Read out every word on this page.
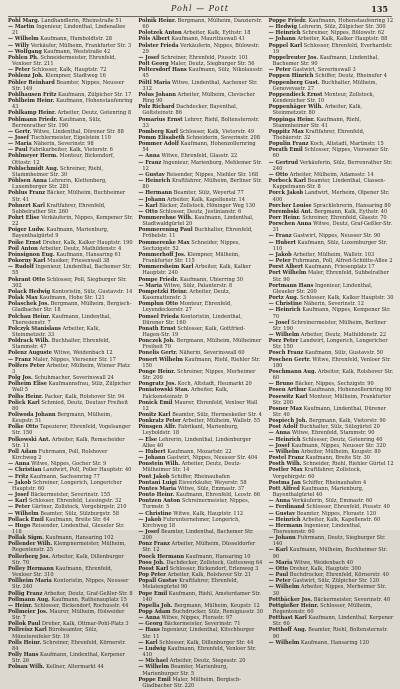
Pohl — Pott	135

Pohl Marg. Landhandlerin, Rheinstraße 51

— Martin Ingenieur, Lindenthal, Lindenallee 21

— Wilhelm Kaufmann, Humboldtstr. 28

— Willy Verkäufer, Mülheim, Frankfurter Str. 3

— Wolfgang Kaufmann, Weststraße 42

Pohlen Ph. Schneidermeister, Ehrenfeld, Venloer Str. 211

— Peter Schlosser, Kalk, Hauptstr. 72

Pohlenz Joh. Klempner, Stadtweg 16

Pöhler Reinhard Beamter, Nippes, Neusser Str. 149

Pohlhausen Fritz Kaufmann, Zülpicher Str. 17

Pohlheim Heinr. Kaufmann, Hohenstaufenring 43

Pohlkamp Heinr. Arbeiter, Deutz, Gotenring 8

Pohlmann Friedr. Kaufmann, Sülz, Berrenrather Str. 190

— Gertr. Witwe, Lindenthal, Dürener Str. 88

— Josef Tischlermeister, Eigelstein 110

— Maria Näherin, Severinstr. 98

— Paul Fabrikarbeiter, Kalk, Vietorstr. 6

Pohlmeyer Herm. Monteur, Bickendorf, Ottostr. 12

Pohlschmidt Aug. Schreiner, Riehl, Stammheimer Str. 30

Pöhlsen Anna Lehrerin, Klettenberg, Luxemburger Str. 281

Pohlus Franz Bäcker, Mülheim, Buchheimer Str. 41

Pohnert Karl Kraftfahrer, Ehrenfeld, Subbelrather Str. 260

Pohrt Elise Verkäuferin, Nippes, Kempener Str. 22

Poiger Ludw. Kaufmann, Marienburg, Bayenthalgürtel 9

Poike Ernst Dreher, Kalk, Kalker Hauptstr. 190

Poil Anton Arbeiter, Deutz, Mathildenstr. 4

Poinsignon Eug. Kaufmann, Hansaring 61

Pokorny Karl Musiker, Friesenwall 38

— Rudolf Ingenieur, Lindenthal, Bachemer Str. 55

Pokrant Otto Schlosser, Poll, Siegburger Str. 302

Polack Hedwig Kontoristin, Sülz, Gustavstr. 14

Polak Max Kaufmann, Hohe Str. 121

Polaschek Jos. Bergmann, Mülheim, Bergisch-Gladbacher Str. 18

Polchau Heinr. Kaufmann, Lindenthal, Theresienstr. 7

Polczyk Stanislaus Arbeiter, Kalk, Steinmetzstr. 33

Poldrack Wilh. Buchhalter, Ehrenfeld, Stammstr. 47

Polenz Auguste Witwe, Weidenbach 12

— Franz Maler, Nippes, Viersener Str. 17

Polfers Peter Arbeiter, Mülheim, Wiener Platz 3

Polg Jos. Schuhmacher, Severinswall 24

Polheim Elise Kaufmannsfrau, Sülz, Zülpicher Wall 5

Polhs Heinr. Packer, Kalk, Rolshover Str. 94

Polick Karl Schmied, Deutz, Deutzer Freiheit 80

Poliwoda Johann Bergmann, Mülheim, Keupstr. 51

Polke Otto Tapezierer, Ehrenfeld, Vogelsanger Str. 150

Polkowski Ant. Arbeiter, Kalk, Remscheider Str. 11

Poll Adam Fuhrmann, Poll, Rolshover Kirchweg 2

— Anna Witwe, Nippes, Gocher Str. 9

— Christian Landwirt, Poll, Poller Hauptstr. 40

— Fritz Kaufmann, Sachsenring 77

— Jakob Schreiner, Longerich, Longericher Hauptstr. 60

— Josef Bäckermeister, Severinstr. 155

— Karl Schlosser, Ehrenfeld, Lessingstr. 32

— Peter Gärtner, Zollstock, Vorgebirgstr. 210

— Wilhelm Beamter, Sülz, Sülzburgstr. 58

Pollack Emil Kaufmann, Breite Str. 64

— Hugo Reisender, Lindenthal, Gleueler Str. 118

Pollak Sigm. Kaufmann, Hansaring 102

Pollender Wilh. Klempnermeister, Mülheim, Regentenstr. 25

Pollerberg Jos. Arbeiter, Kalk, Dillenburger Str. 70

Polley Hermann Kaufmann, Ehrenfeld, Venloer Str. 310

Pollheim Maria Kontoristin, Nippes, Neusser Str. 240

Pollig Franz Arbeiter, Deutz, Graf-Geßler-Str. 8

Pollmann Aug. Kaufmann, Rathenauplatz 15

— Heinr. Schlosser, Bickendorf, Rochusstr. 44

Pollmeier Jos. Maurer, Mülheim, Holweider Str. 7

Pollok Paul Dreher, Kalk, Ottmar-Pohl-Platz 3

Pollreisz Karl Bürobeamter, Sülz, Münstereifeler Str. 19

Polls Heinr. Schreiner, Ehrenfeld, Körnerstr. 84

Polly Hans Kaufmann, Lindenthal, Kerpener Str. 26

Polnau Wilh. Kellner, Altermarkt 44

Polnik Heinr. Bergmann, Mülheim, Danzierstr. 60

Polotzek Anton Arbeiter, Kalk, Eythstr. 18

Pöls Albert Kaufmann, Mauritiuswall 41

Polster Frieda Verkäuferin, Nippes, Bülowstr. 29

— Josef Schreiner, Ehrenfeld, Piusstr. 101

Polt Georg Maler, Deutz, Siegburger Str. 56

Poltersdorf Hans Kaufmann, Sülz, Nikolausstr. 45

Pöltl Maria Witwe, Lindenthal, Aachener Str. 312

Polus Johann Arbeiter, Mülheim, Clevischer Ring 90

Polz Richard Dachdecker, Bayenthal, Goltsteinstr. 86

Pomarius Ernst Lehrer, Riehl, Boltensternstr. 33

Pomberg Karl Schlosser, Kalk, Vietorstr. 49

Pomm Elisabeth Schneiderin, Severinstr. 208

Pommer Adolf Kaufmann, Hohenzollernring 54

— Anna Witwe, Ehrenfeld, Glasstr. 22

— Franz Ingenieur, Marienburg, Mehlemer Str. 12

— Gustav Reisender, Nippes, Niehler Str. 168

— Heinrich Kraftfahrer, Mülheim, Berliner Str. 80

— Hermann Beamter, Sülz, Weyertal 77

— Johann Arbeiter, Kalk, Kapellenstr. 14

— Karl Bäcker, Zollstock, Höninger Weg 130

— Otto Schlosser, Deutz, Justinianstr. 6

Pommerehne Wilh. Kaufmann, Lindenthal, Stadtwaldgürtel 20

Pommerening Paul Buchhalter, Ehrenfeld, Fröbelstr. 11

Pommerenke Max Schneider, Nippes, Sechzigstr. 52

Pommerhoff Jos. Klempner, Mülheim, Frankfurter Str. 115

Pommersheim Karl Arbeiter, Kalk, Kalker Hauptstr. 240

Pompe Friedr. Kaufmann, Ubierring 30

— Maria Witwe, Sülz, Palanterstr. 8

Pompetzki Heinr. Arbeiter, Deutz, Kasemattenstr. 3

Pomplun Otto Monteur, Ehrenfeld, Leyendeckerstr. 27

Pomsel Frieda Kontoristin, Lindenthal, Dürener Str. 160

Ponath Ernst Schlosser, Kalk, Gottfried-Hagen-Str. 19

Ponczek Joh. Bergmann, Mülheim, Mülheimer Freiheit 70

Ponelis Gertr. Näherin, Severinswall 60

Ponert Wilhelm Kaufmann, Riehl, Riehler Str. 150

Ponge Heinr. Schreiner, Nippes, Merheimer Str. 200

Pongratz Jos. Koch, Altstadt, Heumarkt 20

Poniatowski Stan. Arbeiter, Kalk, Falckensteinstr. 9

Ponick Emil Maurer, Ehrenfeld, Venloer Wall 12

Ponitz Karl Beamter, Sülz, Hermeskeiler Str. 4

Ponkratz Peter Arbeiter, Mülheim, Wallstr. 55

Pönsgen Alfr. Fabrikant, Marienburg, Leyboldstr. 18

— Else Lehrerin, Lindenthal, Lindenburger Allee 40

— Hubert Kaufmann, Mozartstr. 22

— Johann Gastwirt, Nippes, Neusser Str. 404

Ponstein Wilh. Arbeiter, Deutz, Deutz-Mülheimer Str. 14

Pont Jakob Schiffer, Rheinauhafen

Pontani Luigi Eisverkäufer, Weyerstr. 58

Pontes Maria Witwe, Sülz, Emmastr. 37

Ponto Heinr. Kaufmann, Ehrenfeld, Leostr. 66

Pontzen Anton Schreinermeister, Nippes, Turmstr. 5

— Christine Witwe, Kalk, Hauptstr. 112

— Jakob Fuhrunternehmer, Longerich, Kirchweg 18

— Josef Beamter, Lindenthal, Bachemer Str. 200

Ponz Franz Arbeiter, Mülheim, Düsseldorfer Str. 12

Poock Hermann Kaufmann, Hansaring 10

Poos Joh. Dachdecker, Zollstock, Gottesweg 64

Poost Karl Schlosser, Bickendorf, Erlenweg 3

Pop Peter Arbeiter, Kalk, Rolshover Str. 21

Popall Gustav Kraftfahrer, Ehrenfeld, Melatengürtel 90

Pope Emil Kaufmann, Riehl, Amsterdamer Str. 140

Popella Joh. Bergmann, Mülheim, Keupstr. 12

Popp Adam Buchdrucker, Sülz, Remigiusstr. 30

— Anna Witwe, Nippes, Florastr. 97

— Georg Bäckermeister, Severinstr. 71

— Hans Ingenieur, Lindenthal, Kitschburger Str. 11

— Karl Schlosser, Kalk, Dillenburger Str. 44

— Ludwig Kaufmann, Ehrenfeld, Venloer Str. 410

— Michael Arbeiter, Deutz, Siegesstr. 20

— Wilhelm Beamter, Marienburg, Marienburger Str. 5

Poppe Emil Maler, Mülheim, Bergisch-Gladbacher Str. 220

Poppe Friedr. Kaufmann, Hohenstaufenring 12

— Hedwig Lehrerin, Sülz, Zülpicher Str. 300

— Heinrich Schreiner, Nippes, Bülowstr. 62

— Johann Arbeiter, Kalk, Kalker Hauptstr. 88

Poppel Karl Schlosser, Ehrenfeld, Everhardstr. 19

Poppelreuter Jos. Kaufmann, Lindenthal, Bachemer Str. 90

— Peter Gastwirt, Severinswall 3

Poppen Hinrich Schiffer, Deutz, Rheinufer 4

Poppenberg Gust. Buchhalter, Mülheim, Genovevastr. 27

Poppendieck Ernst Monteur, Zollstock, Kendenicher Str. 10

Poppenhäger Wilh. Arbeiter, Kalk, Steinmetzstr. 80

Poppinga Heinr. Kaufmann, Riehl, Stammheimer Str. 41

Poppitz Max Kraftfahrer, Ehrenfeld, Thebäerstr. 32

Populin Franz Koch, Altstadt, Martinstr. 15

Porath Emil Schlosser, Nippes, Viersener Str. 60

— Gertrud Verkäuferin, Sülz, Berrenrather Str. 240

— Otto Arbeiter, Mülheim, Adamsstr. 14

Porbeck Karl Beamter, Lindenthal, Classen-Kappelmann-Str. 8

Porck Jakob Landwirt, Merheim, Olpener Str. 400

Porcher Louise Sprachlehrerin, Hansaring 80

Porembski Ant. Bergmann, Kalk, Eythstr. 40

Porr Heinr. Schreiner, Ehrenfeld, Glasstr. 70

Porschen Anna Witwe, Deutz, Graf-Geßler-Str. 31

— Franz Gastwirt, Nippes, Neusser Str. 90

— Hubert Kaufmann, Sülz, Luxemburger Str. 110

— Jakob Arbeiter, Mülheim, Wallstr. 103

— Peter Fuhrmann, Poll, Alfred-Schütte-Allee 2

Porst Albert Kaufmann, Friesenplatz 17

Port Wilhelm Maler, Ehrenfeld, Subbelrather Str. 90

Portmann Hans Ingenieur, Lindenthal, Gleueler Str. 200

Portz Aug. Schlosser, Kalk, Kalker Hauptstr. 30

— Christine Näherin, Severinstr. 12

— Heinrich Kaufmann, Nippes, Kempener Str. 70

— Josef Schreinermeister, Mülheim, Berliner Str. 190

— Wilhelm Arbeiter, Deutz, Mathildenstr. 22

Porz Peter Landwirt, Longerich, Longericher Str. 150

Posch Franz Kaufmann, Sülz, Gustavstr. 50

Poschen Gertr. Witwe, Ehrenfeld, Venloer Str. 180

Poschmann Aug. Arbeiter, Kalk, Rolshover Str. 60

— Bruno Bäcker, Nippes, Sechzigstr. 90

Posen Arthur Kaufmann, Hohenzollernring 90

Posewitz Karl Monteur, Mülheim, Frankfurter Str. 200

Posner Max Kaufmann, Lindenthal, Dürener Str. 40

Pospiech Joh. Bergmann, Kalk, Vietorstr. 90

Post Adolf Buchhalter, Sülz, Sülzgürtel 20

— Anna Witwe, Ehrenfeld, Stammstr. 90

— Heinrich Schlosser, Deutz, Gotenring 40

— Josef Kaufmann, Nippes, Neusser Str. 320

— Wilhelm Arbeiter, Mülheim, Keupstr. 80

Postel Franz Kaufmann, Breite Str. 30

Posth Wilh. Schneider, Riehl, Riehler Gürtel 12

Postler Max Kraftfahrer, Zollstock, Vorgebirgstr. 60

Postma Jan Schiffer, Rheinauhafen 4

Pott Alfred Kaufmann, Marienburg, Bayenthalgürtel 40

— Anna Verkäuferin, Sülz, Emmastr. 60

— Ferdinand Schlosser, Ehrenfeld, Piusstr. 40

— Gustav Beamter, Nippes, Florastr. 120

— Heinrich Arbeiter, Kalk, Kapellenstr. 60

— Hermann Ingenieur, Lindenthal, Theresienstr. 60

— Johann Fuhrmann, Deutz, Siegburger Str. 140

— Karl Kaufmann, Mülheim, Buchheimer Str. 90

— Maria Witwe, Weidenbach 40

— Otto Dreher, Kalk, Hauptstr. 300

— Paul Buchdrucker, Ehrenfeld, Körnerstr. 40

— Peter Gastwirt, Sülz, Zülpicher Str. 120

— Wilhelm Arbeiter, Nippes, Merheimer Str. 30

Pottbäcker Jos. Bäckermeister, Severinstr. 40

Pottgießer Heinr. Schlosser, Mülheim, Regentenstr. 60

Potthast Karl Kaufmann, Lindenthal, Kerpener Str. 60

Potthoff Aug. Beamter, Riehl, Boltensternstr. 90

— Wilhelm Kaufmann, Hansaring 120
